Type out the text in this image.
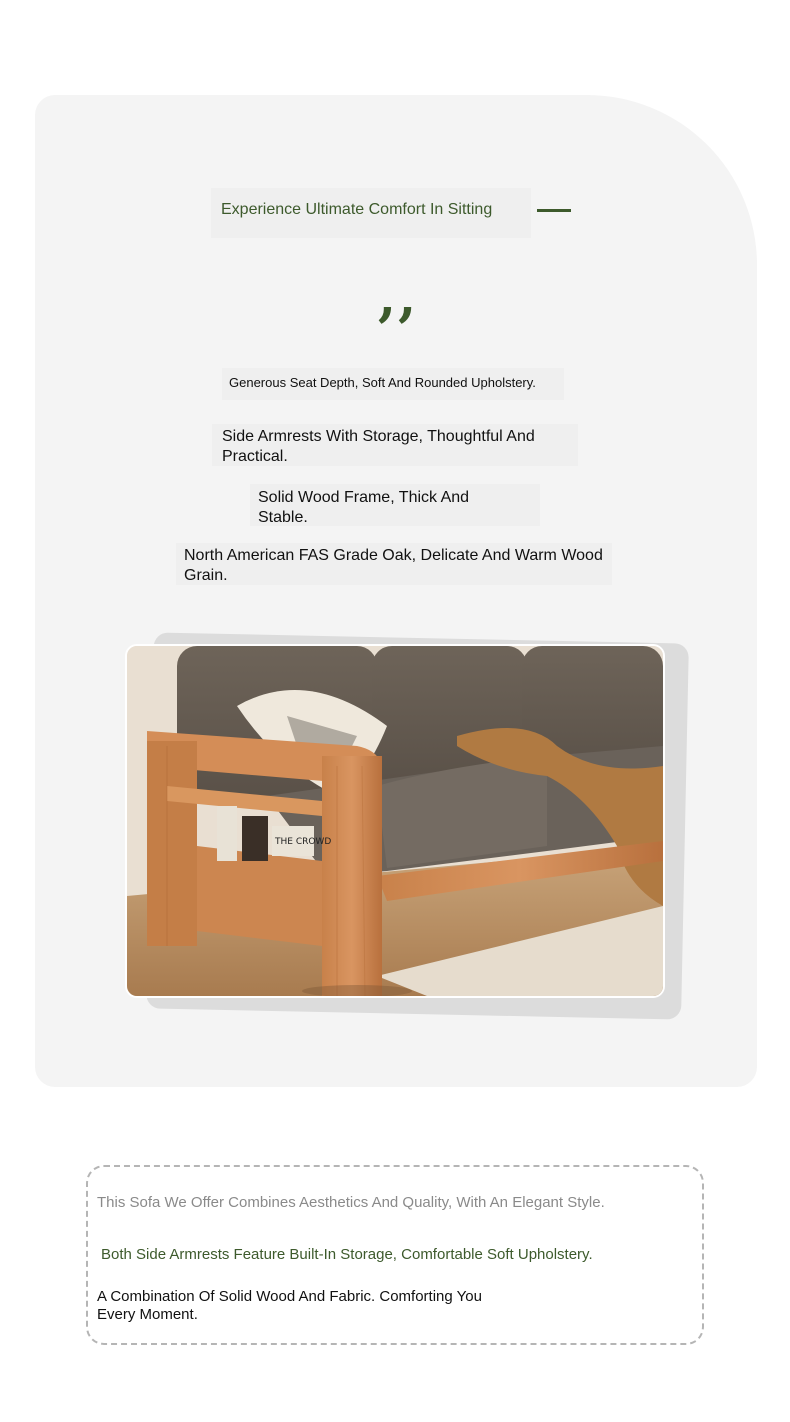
Experience Ultimate Comfort In Sitting
,,
Generous Seat Depth, Soft And Rounded Upholstery.
Side Armrests With Storage, Thoughtful And Practical.
Solid Wood Frame, Thick And Stable.
North American FAS Grade Oak, Delicate And Warm Wood Grain.
THE CROWD
This Sofa We Offer Combines Aesthetics And Quality, With An Elegant Style.
Both Side Armrests Feature Built-In Storage, Comfortable Soft Upholstery.
A Combination Of Solid Wood And Fabric. Comforting You Every Moment.
